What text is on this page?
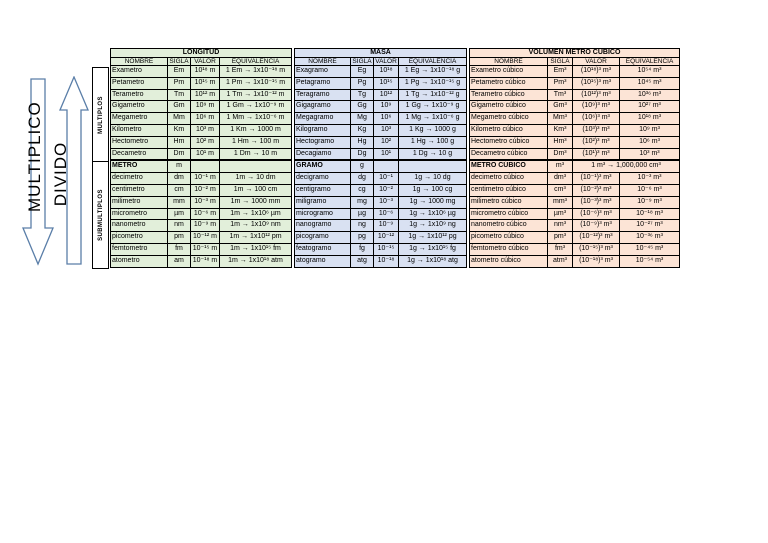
MULTIPLICO DIVIDO
MULTIPLOS
SUBMULTIPLOS
LONGITUD			
NOMBRE	SIGLA	VALOR	EQUIVALENCIA
Exametro	Em	10¹⁸ m	1 Em → 1x10⁻¹⁸ m
Petametro	Pm	10¹⁵ m	1 Pm → 1x10⁻¹⁵ m
Terametro	Tm	10¹² m	1 Tm → 1x10⁻¹² m
Gigametro	Gm	10⁹ m	1 Gm → 1x10⁻⁹ m
Megametro	Mm	10⁶ m	1 Mm → 1x10⁻⁶ m
Kilometro	Km	10³ m	1 Km → 1000 m
Hectometro	Hm	10² m	1 Hm → 100 m
Decametro	Dm	10¹ m	1 Dm → 10 m
METRO	m		
decimetro	dm	10⁻¹ m	1m → 10 dm
centimetro	cm	10⁻² m	1m → 100 cm
milimetro	mm	10⁻³ m	1m → 1000 mm
micrometro	µm	10⁻⁶ m	1m → 1x10⁶ µm
nanometro	nm	10⁻⁹ m	1m → 1x10⁹ nm
picometro	pm	10⁻¹² m	1m → 1x10¹² pm
femtometro	fm	10⁻¹⁵ m	1m → 1x10¹⁵ fm
atometro	am	10⁻¹⁸ m	1m → 1x10¹⁸ atm
MASA			
NOMBRE	SIGLA	VALOR	EQUIVALENCIA
Exagramo	Eg	10¹⁸	1 Eg → 1x10⁻¹⁸ g
Petagramo	Pg	10¹⁵	1 Pg → 1x10⁻¹⁵ g
Teragramo	Tg	10¹²	1 Tg → 1x10⁻¹² g
Gigagramo	Gg	10⁹	1 Gg → 1x10⁻⁹ g
Megagramo	Mg	10⁶	1 Mg → 1x10⁻⁶ g
Kilogramo	Kg	10³	1 Kg → 1000 g
Hectogramo	Hg	10²	1 Hg → 100 g
Decagiamo	Dg	10¹	1 Dg → 10 g
GRAMO	g		
decigramo	dg	10⁻¹	1g → 10 dg
centigramo	cg	10⁻²	1g → 100 cg
miligramo	mg	10⁻³	1g → 1000 mg
microgramo	µg	10⁻⁶	1g → 1x10⁶ µg
nanogramo	ng	10⁻⁹	1g → 1x10⁹ ng
picogramo	pg	10⁻¹²	1g → 1x10¹² pg
featogramo	fg	10⁻¹⁵	1g → 1x10¹⁵ fg
atogramo	atg	10⁻¹⁸	1g → 1x10¹⁸ atg
VOLUMEN METRO CÚBICO			
NOMBRE	SIGLA	VALOR	EQUIVALENCIA
Exametro cúbico	Em³	(10¹⁸)³ m³	10⁵⁴ m³
Petametro cúbico	Pm³	(10¹⁵)³ m³	10⁴⁵ m³
Terametro cúbico	Tm³	(10¹²)³ m³	10³⁶ m³
Gigametro cúbico	Gm³	(10⁹)³ m³	10²⁷ m³
Megametro cúbico	Mm³	(10⁶)³ m³	10¹⁸ m³
Kilometro cúbico	Km³	(10³)³ m³	10⁹ m³
Hectometro cúbico	Hm³	(10²)³ m³	10⁶ m³
Decametro cúbico	Dm³	(10¹)³ m³	10³ m³
METRO CÚBICO	m³	1 m³ → 1,000,000 cm³	
decimetro cúbico	dm³	(10⁻¹)³ m³	10⁻³ m³
centimetro cúbico	cm³	(10⁻²)³ m³	10⁻⁶ m³
milimetro cúbico	mm³	(10⁻³)³ m³	10⁻⁹ m³
micrometro cúbico	µm³	(10⁻⁶)³ m³	10⁻¹⁸ m³
nanometro cúbico	nm³	(10⁻⁹)³ m³	10⁻²⁷ m³
picometro cúbico	pm³	(10⁻¹²)³ m³	10⁻³⁶ m³
femtometro cúbico	fm³	(10⁻¹⁵)³ m³	10⁻⁴⁵ m³
atometro cúbico	atm³	(10⁻¹⁸)³ m³	10⁻⁵⁴ m³
